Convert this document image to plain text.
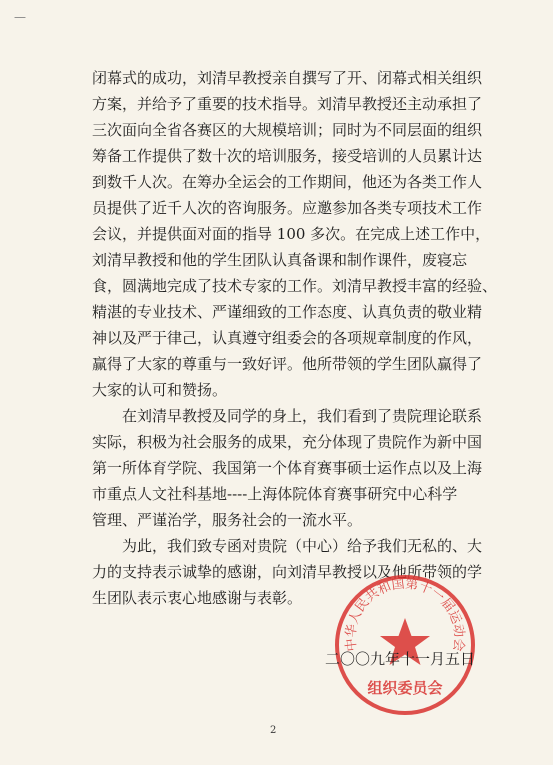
—
闭幕式的成功，刘清早教授亲自撰写了开、闭幕式相关组织
方案，并给予了重要的技术指导。刘清早教授还主动承担了
三次面向全省各赛区的大规模培训；同时为不同层面的组织
筹备工作提供了数十次的培训服务，接受培训的人员累计达
到数千人次。在筹办全运会的工作期间，他还为各类工作人
员提供了近千人次的咨询服务。应邀参加各类专项技术工作
会议，并提供面对面的指导 100 多次。在完成上述工作中，
刘清早教授和他的学生团队认真备课和制作课件，废寝忘
食，圆满地完成了技术专家的工作。刘清早教授丰富的经验、
精湛的专业技术、严谨细致的工作态度、认真负责的敬业精
神以及严于律己，认真遵守组委会的各项规章制度的作风，
赢得了大家的尊重与一致好评。他所带领的学生团队赢得了
大家的认可和赞扬。
　　在刘清早教授及同学的身上，我们看到了贵院理论联系
实际，积极为社会服务的成果，充分体现了贵院作为新中国
第一所体育学院、我国第一个体育赛事硕士运作点以及上海
市重点人文社科基地----上海体院体育赛事研究中心科学
管理、严谨治学，服务社会的一流水平。
　　为此，我们致专函对贵院（中心）给予我们无私的、大
力的支持表示诚挚的感谢，向刘清早教授以及他所带领的学
生团队表示衷心地感谢与表彰。
中华人民共和国第十一届运动会
组织委员会
二〇〇九年十一月五日
2
